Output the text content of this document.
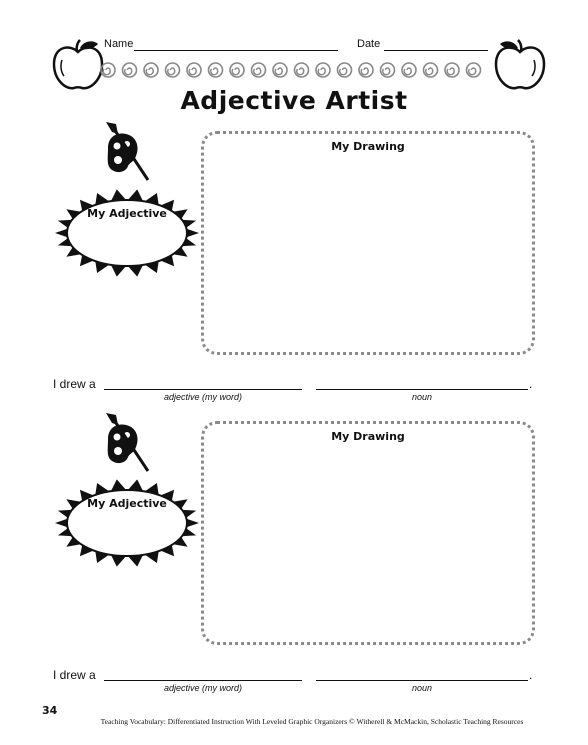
Name	Date
Adjective Artist
My Adjective
My Drawing
I drew a	.
adjective (my word)	noun
My Adjective
My Drawing
I drew a	.
adjective (my word)	noun
34
Teaching Vocabulary: Differentiated Instruction With Leveled Graphic Organizers © Witherell & McMackin, Scholastic Teaching Resources
